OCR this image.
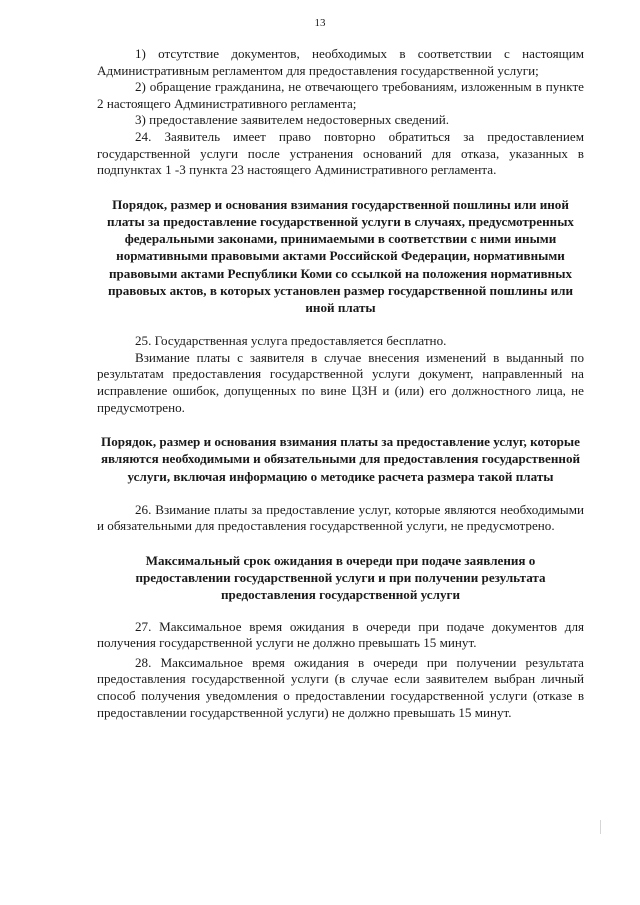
13

1) отсутствие документов, необходимых в соответствии с настоящим Административным регламентом для предоставления государственной услуги;

2) обращение гражданина, не отвечающего требованиям, изложенным в пункте 2 настоящего Административного регламента;

3) предоставление заявителем недостоверных сведений.

24. Заявитель имеет право повторно обратиться за предоставлением государственной услуги после устранения оснований для отказа, указанных в подпунктах 1 -3 пункта 23 настоящего Административного регламента.

Порядок, размер и основания взимания государственной пошлины или иной платы за предоставление государственной услуги в случаях, предусмотренных федеральными законами, принимаемыми в соответствии с ними иными нормативными правовыми актами Российской Федерации, нормативными правовыми актами Республики Коми со ссылкой на положения нормативных правовых актов, в которых установлен размер государственной пошлины или иной платы

25. Государственная услуга предоставляется бесплатно.

Взимание платы с заявителя в случае внесения изменений в выданный по результатам предоставления государственной услуги документ, направленный на исправление ошибок, допущенных по вине ЦЗН и (или) его должностного лица, не предусмотрено.

Порядок, размер и основания взимания платы за предоставление услуг, которые являются необходимыми и обязательными для предоставления государственной услуги, включая информацию о методике расчета размера такой платы

26. Взимание платы за предоставление услуг, которые являются необходимыми и обязательными для предоставления государственной услуги, не предусмотрено.

Максимальный срок ожидания в очереди при подаче заявления о предоставлении государственной услуги и при получении результата предоставления государственной услуги

27. Максимальное время ожидания в очереди при подаче документов для получения государственной услуги не должно превышать 15 минут.

28. Максимальное время ожидания в очереди при получении результата предоставления государственной услуги (в случае если заявителем выбран личный способ получения уведомления о предоставлении государственной услуги (отказе в предоставлении государственной услуги) не должно превышать 15 минут.
